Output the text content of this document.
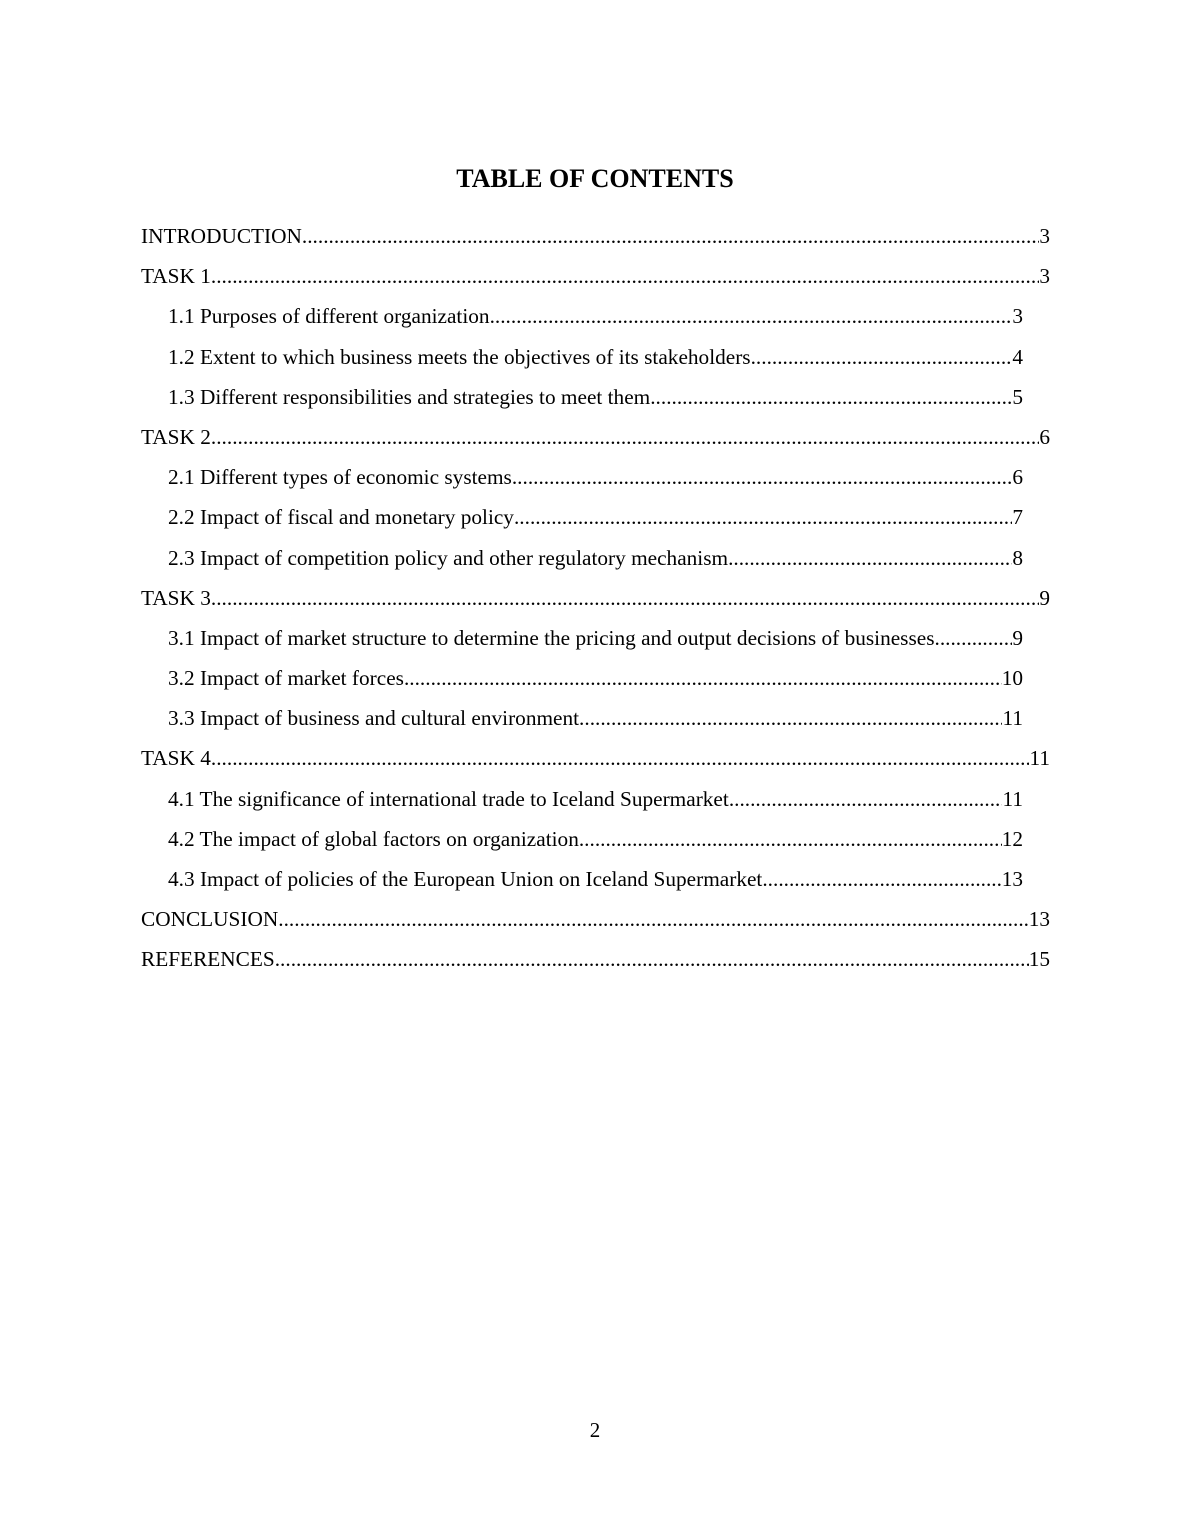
TABLE OF CONTENTS
INTRODUCTION .....	3
TASK 1 .....	3
1.1 Purposes of different organization .....	3
1.2 Extent to which business meets the objectives of its stakeholders .....	4
1.3 Different responsibilities and strategies to meet them .....	5
TASK 2 .....	6
2.1 Different types of economic systems .....	6
2.2 Impact of fiscal and monetary policy .....	7
2.3 Impact of competition policy and other regulatory mechanism .....	8
TASK 3 .....	9
3.1 Impact of market structure to determine the pricing and output decisions of businesses .....	9
3.2 Impact of market forces .....	10
3.3 Impact of business and cultural environment .....	11
TASK 4 .....	11
4.1 The significance of international trade to Iceland Supermarket .....	11
4.2 The impact of global factors on organization .....	12
4.3 Impact of policies of the European Union on Iceland Supermarket .....	13
CONCLUSION .....	13
REFERENCES .....	15
2
